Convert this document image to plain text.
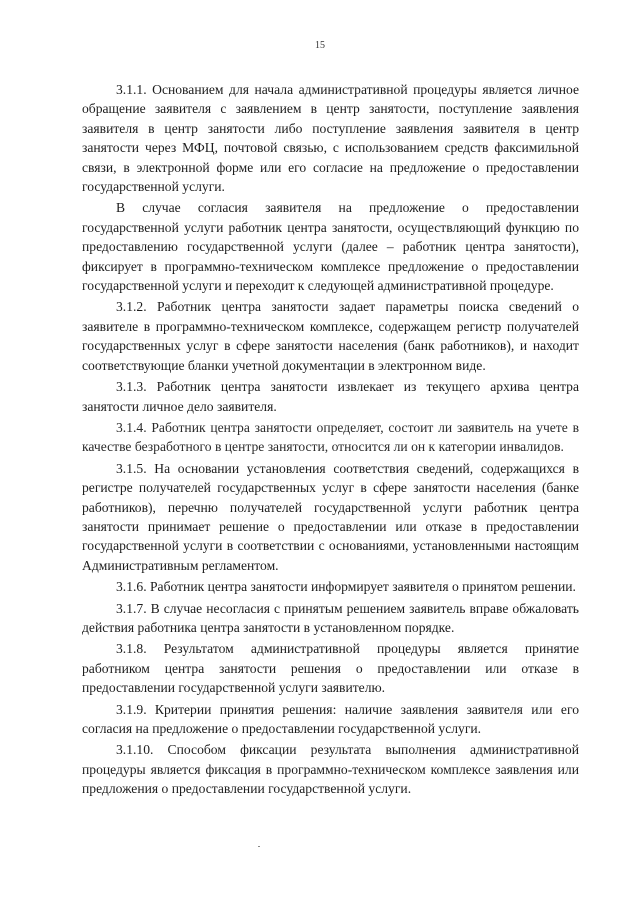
15

3.1.1. Основанием для начала административной процедуры является личное обращение заявителя с заявлением в центр занятости, поступление заявления заявителя в центр занятости либо поступление заявления заявителя в центр занятости через МФЦ, почтовой связью, с использованием средств факсимильной связи, в электронной форме или его согласие на предложение о предоставлении государственной услуги.

В случае согласия заявителя на предложение о предоставлении государственной услуги работник центра занятости, осуществляющий функцию по предоставлению государственной услуги (далее – работник центра занятости), фиксирует в программно-техническом комплексе предложение о предоставлении государственной услуги и переходит к следующей административной процедуре.

3.1.2. Работник центра занятости задает параметры поиска сведений о заявителе в программно-техническом комплексе, содержащем регистр получателей государственных услуг в сфере занятости населения (банк работников), и находит соответствующие бланки учетной документации в электронном виде.

3.1.3. Работник центра занятости извлекает из текущего архива центра занятости личное дело заявителя.

3.1.4. Работник центра занятости определяет, состоит ли заявитель на учете в качестве безработного в центре занятости, относится ли он к категории инвалидов.

3.1.5. На основании установления соответствия сведений, содержащихся в регистре получателей государственных услуг в сфере занятости населения (банке работников), перечню получателей государственной услуги работник центра занятости принимает решение о предоставлении или отказе в предоставлении государственной услуги в соответствии с основаниями, установленными настоящим Административным регламентом.

3.1.6. Работник центра занятости информирует заявителя о принятом решении.

3.1.7. В случае несогласия с принятым решением заявитель вправе обжаловать действия работника центра занятости в установленном порядке.

3.1.8. Результатом административной процедуры является принятие работником центра занятости решения о предоставлении или отказе в предоставлении государственной услуги заявителю.

3.1.9. Критерии принятия решения: наличие заявления заявителя или его согласия на предложение о предоставлении государственной услуги.

3.1.10. Способом фиксации результата выполнения административной процедуры является фиксация в программно-техническом комплексе заявления или предложения о предоставлении государственной услуги.
